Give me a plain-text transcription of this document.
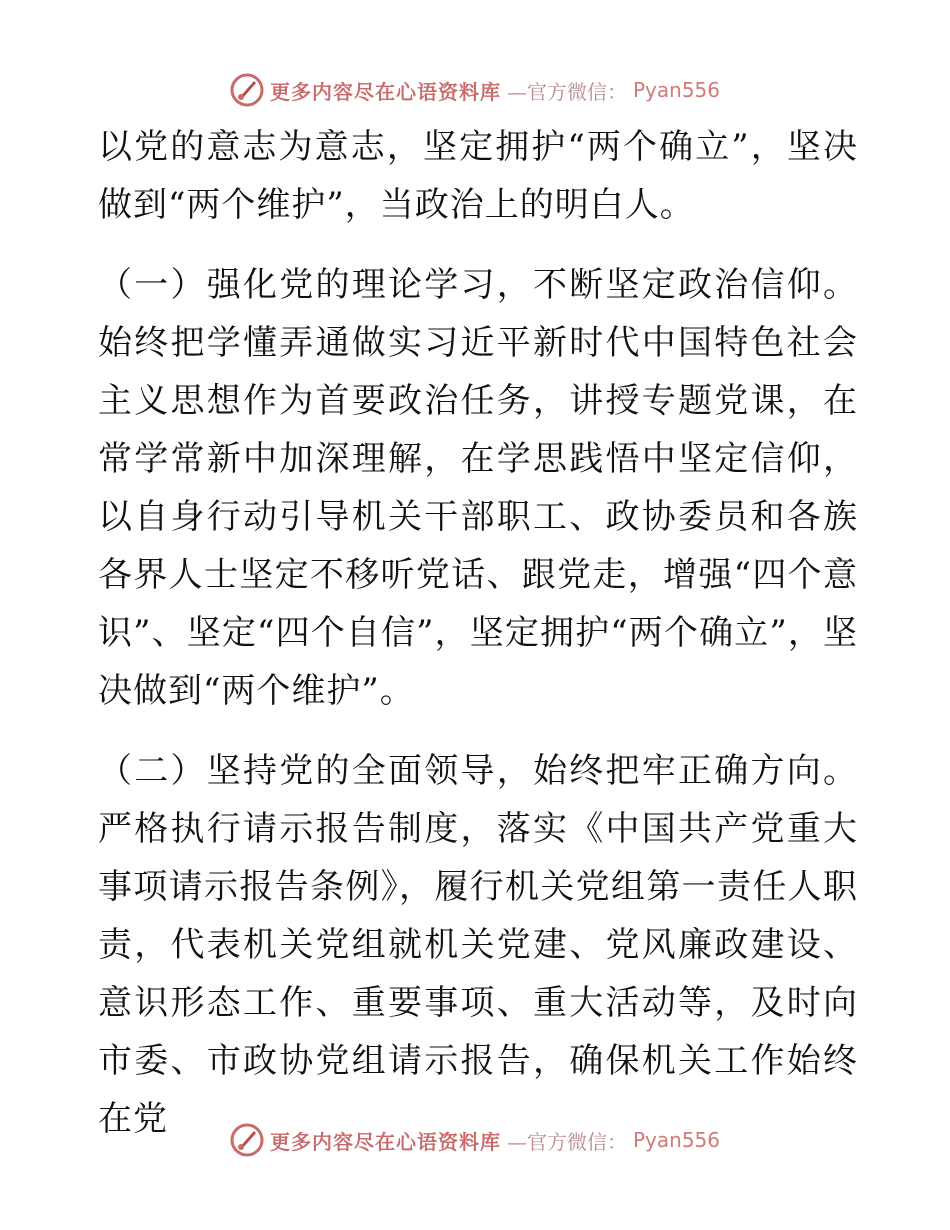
更多内容尽在心语资料库 —官方微信： Pyan556

以党的意志为意志，坚定拥护“两个确立”，坚决做到“两个维护”，当政治上的明白人。

（一）强化党的理论学习，不断坚定政治信仰。始终把学懂弄通做实习近平新时代中国特色社会主义思想作为首要政治任务，讲授专题党课，在常学常新中加深理解，在学思践悟中坚定信仰，以自身行动引导机关干部职工、政协委员和各族各界人士坚定不移听党话、跟党走，增强“四个意识”、坚定“四个自信”，坚定拥护“两个确立”，坚决做到“两个维护”。

（二）坚持党的全面领导，始终把牢正确方向。严格执行请示报告制度，落实《中国共产党重大事项请示报告条例》，履行机关党组第一责任人职责，代表机关党组就机关党建、党风廉政建设、意识形态工作、重要事项、重大活动等，及时向市委、市政协党组请示报告，确保机关工作始终在党

更多内容尽在心语资料库 —官方微信： Pyan556
